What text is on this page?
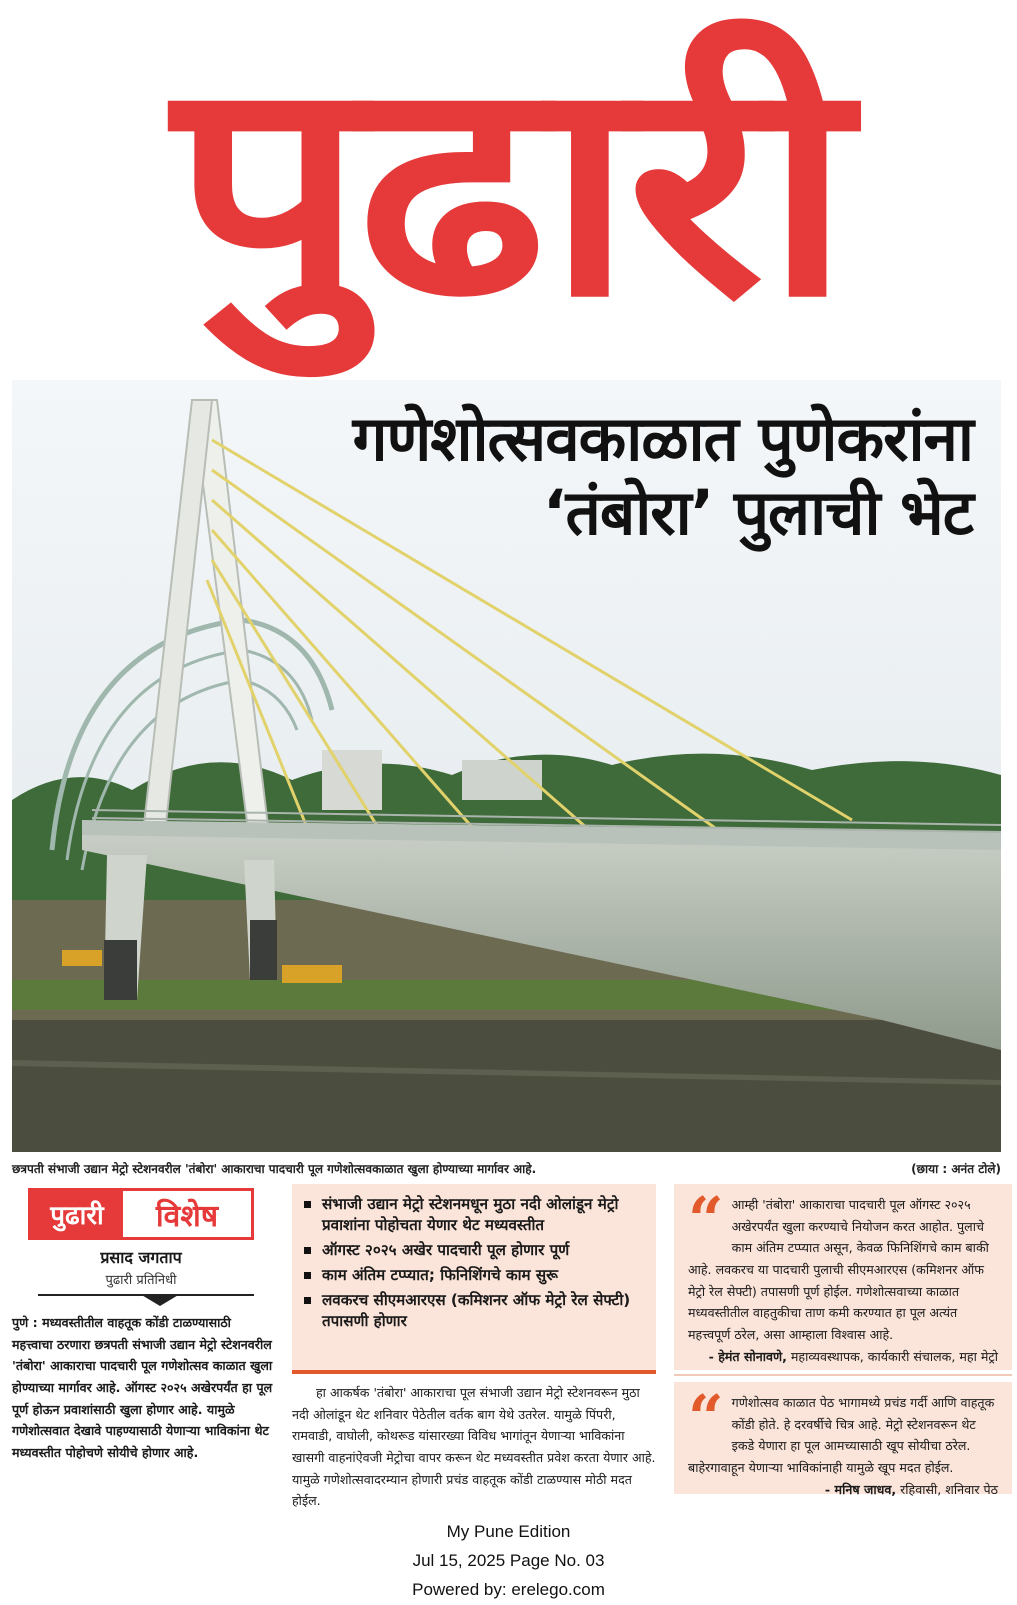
पुढारी
गणेशोत्सवकाळात पुणेकरांना
‘तंबोरा’ पुलाची भेट
छत्रपती संभाजी उद्यान मेट्रो स्टेशनवरील 'तंबोरा' आकाराचा पादचारी पूल गणेशोत्सवकाळात खुला होण्याच्या मार्गावर आहे.	(छाया : अनंत टोले)
पुढारी	विशेष
प्रसाद जगताप
पुढारी प्रतिनिधी
पुणे : मध्यवस्तीतील वाहतूक कोंडी टाळण्यासाठी महत्त्वाचा ठरणारा छत्रपती संभाजी उद्यान मेट्रो स्टेशनवरील 'तंबोरा' आकाराचा पादचारी पूल गणेशोत्सव काळात खुला होण्याच्या मार्गावर आहे. ऑगस्ट २०२५ अखेरपर्यंत हा पूल पूर्ण होऊन प्रवाशांसाठी खुला होणार आहे. यामुळे गणेशोत्सवात देखावे पाहण्यासाठी येणाऱ्या भाविकांना थेट मध्यवस्तीत पोहोचणे सोयीचे होणार आहे.
संभाजी उद्यान मेट्रो स्टेशनमधून मुठा नदी ओलांडून मेट्रो प्रवाशांना पोहोचता येणार थेट मध्यवस्तीत
ऑगस्ट २०२५ अखेर पादचारी पूल होणार पूर्ण
काम अंतिम टप्प्यात; फिनिशिंगचे काम सुरू
लवकरच सीएमआरएस (कमिशनर ऑफ मेट्रो रेल सेफ्टी) तपासणी होणार
हा आकर्षक 'तंबोरा' आकाराचा पूल संभाजी उद्यान मेट्रो स्टेशनवरून मुठा नदी ओलांडून थेट शनिवार पेठेतील वर्तक बाग येथे उतरेल. यामुळे पिंपरी, रामवाडी, वाघोली, कोथरूड यांसारख्या विविध भागांतून येणाऱ्या भाविकांना खासगी वाहनांऐवजी मेट्रोचा वापर करून थेट मध्यवस्तीत प्रवेश करता येणार आहे. यामुळे गणेशोत्सवादरम्यान होणारी प्रचंड वाहतूक कोंडी टाळण्यास मोठी मदत होईल.
“ आम्ही 'तंबोरा' आकाराचा पादचारी पूल ऑगस्ट २०२५ अखेरपर्यंत खुला करण्याचे नियोजन करत आहोत. पुलाचे काम अंतिम टप्प्यात असून, केवळ फिनिशिंगचे काम बाकी आहे. लवकरच या पादचारी पुलाची सीएमआरएस (कमिशनर ऑफ मेट्रो रेल सेफ्टी) तपासणी पूर्ण होईल. गणेशोत्सवाच्या काळात मध्यवस्तीतील वाहतुकीचा ताण कमी करण्यात हा पूल अत्यंत महत्त्वपूर्ण ठरेल, असा आम्हाला विश्वास आहे.
- हेमंत सोनावणे, महाव्यवस्थापक, कार्यकारी संचालक, महा मेट्रो
“ गणेशोत्सव काळात पेठ भागामध्ये प्रचंड गर्दी आणि वाहतूक कोंडी होते. हे दरवर्षीचे चित्र आहे. मेट्रो स्टेशनवरून थेट इकडे येणारा हा पूल आमच्यासाठी खूप सोयीचा ठरेल. बाहेरगावाहून येणाऱ्या भाविकांनाही यामुळे खूप मदत होईल.
- मनिष जाधव, रहिवासी, शनिवार पेठ
My Pune Edition
Jul 15, 2025 Page No. 03
Powered by: erelego.com
